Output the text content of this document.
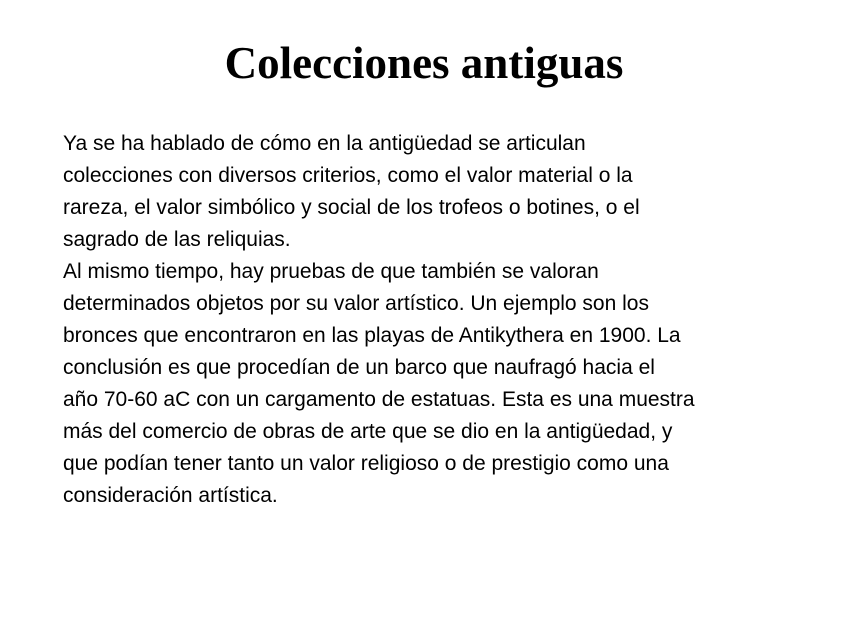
Colecciones antiguas
Ya se ha hablado de cómo en la antigüedad se articulan
colecciones con diversos criterios, como el valor material o la
rareza, el valor simbólico y social de los trofeos o botines, o el
sagrado de las reliquias.
Al mismo tiempo, hay pruebas de que también se valoran
determinados objetos por su valor artístico. Un ejemplo son los
bronces que encontraron en las playas de Antikythera en 1900. La
conclusión es que procedían de un barco que naufragó hacia el
año 70-60 aC con un cargamento de estatuas. Esta es una muestra
más del comercio de obras de arte que se dio en la antigüedad, y
que podían tener tanto un valor religioso o de prestigio como una
consideración artística.
